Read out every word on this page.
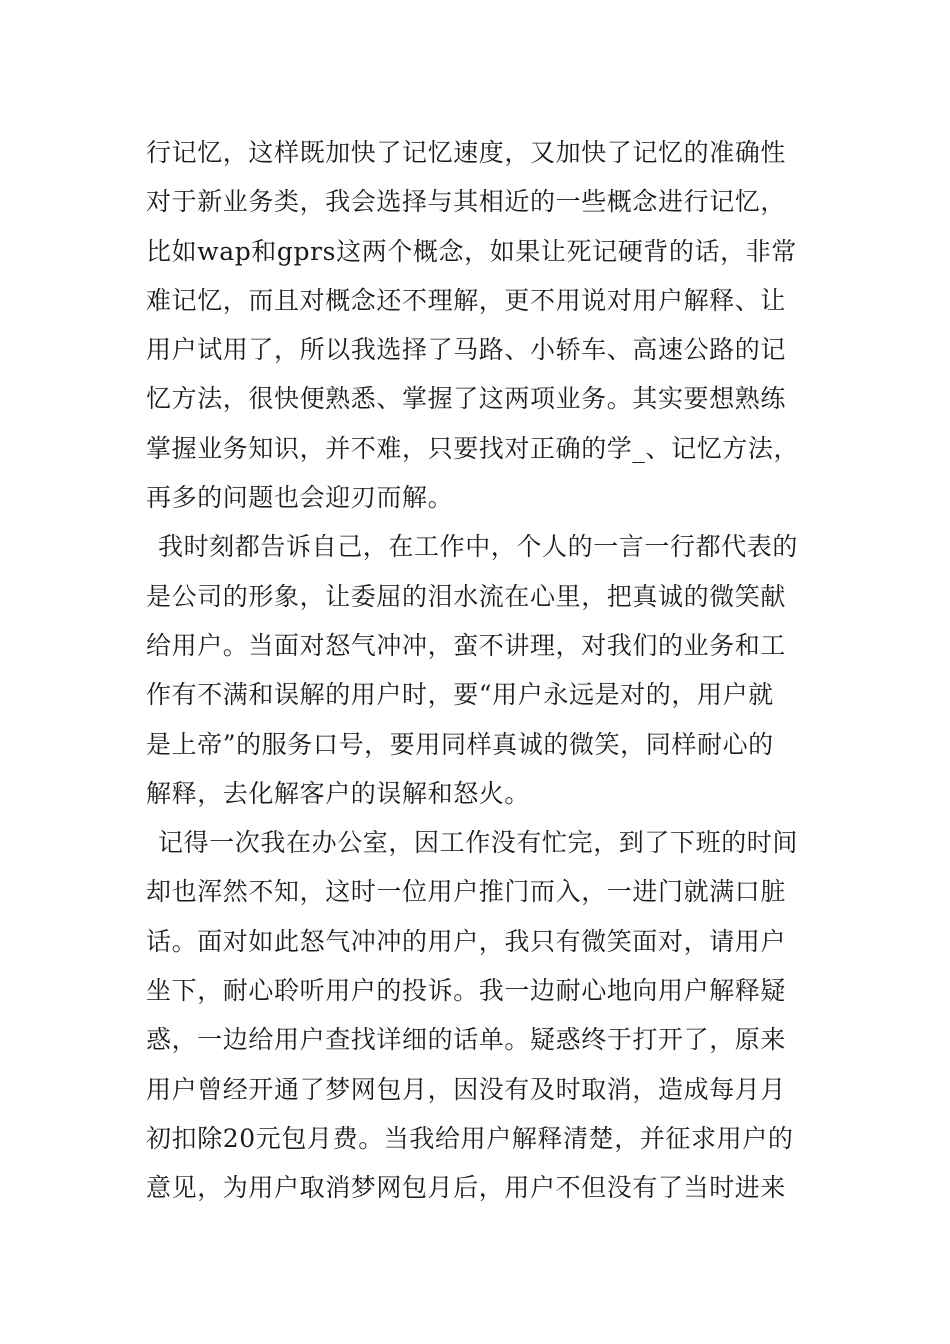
行记忆，这样既加快了记忆速度，又加快了记忆的准确性
对于新业务类，我会选择与其相近的一些概念进行记忆，
比如wap和gprs这两个概念，如果让死记硬背的话，非常
难记忆，而且对概念还不理解，更不用说对用户解释、让
用户试用了，所以我选择了马路、小轿车、高速公路的记
忆方法，很快便熟悉、掌握了这两项业务。其实要想熟练
掌握业务知识，并不难，只要找对正确的学_、记忆方法，
再多的问题也会迎刃而解。
我时刻都告诉自己，在工作中，个人的一言一行都代表的
是公司的形象，让委屈的泪水流在心里，把真诚的微笑献
给用户。当面对怒气冲冲，蛮不讲理，对我们的业务和工
作有不满和误解的用户时，要“用户永远是对的，用户就
是上帝”的服务口号，要用同样真诚的微笑，同样耐心的
解释，去化解客户的误解和怒火。
记得一次我在办公室，因工作没有忙完，到了下班的时间
却也浑然不知，这时一位用户推门而入，一进门就满口脏
话。面对如此怒气冲冲的用户，我只有微笑面对，请用户
坐下，耐心聆听用户的投诉。我一边耐心地向用户解释疑
惑，一边给用户查找详细的话单。疑惑终于打开了，原来
用户曾经开通了梦网包月，因没有及时取消，造成每月月
初扣除20元包月费。当我给用户解释清楚，并征求用户的
意见，为用户取消梦网包月后，用户不但没有了当时进来
